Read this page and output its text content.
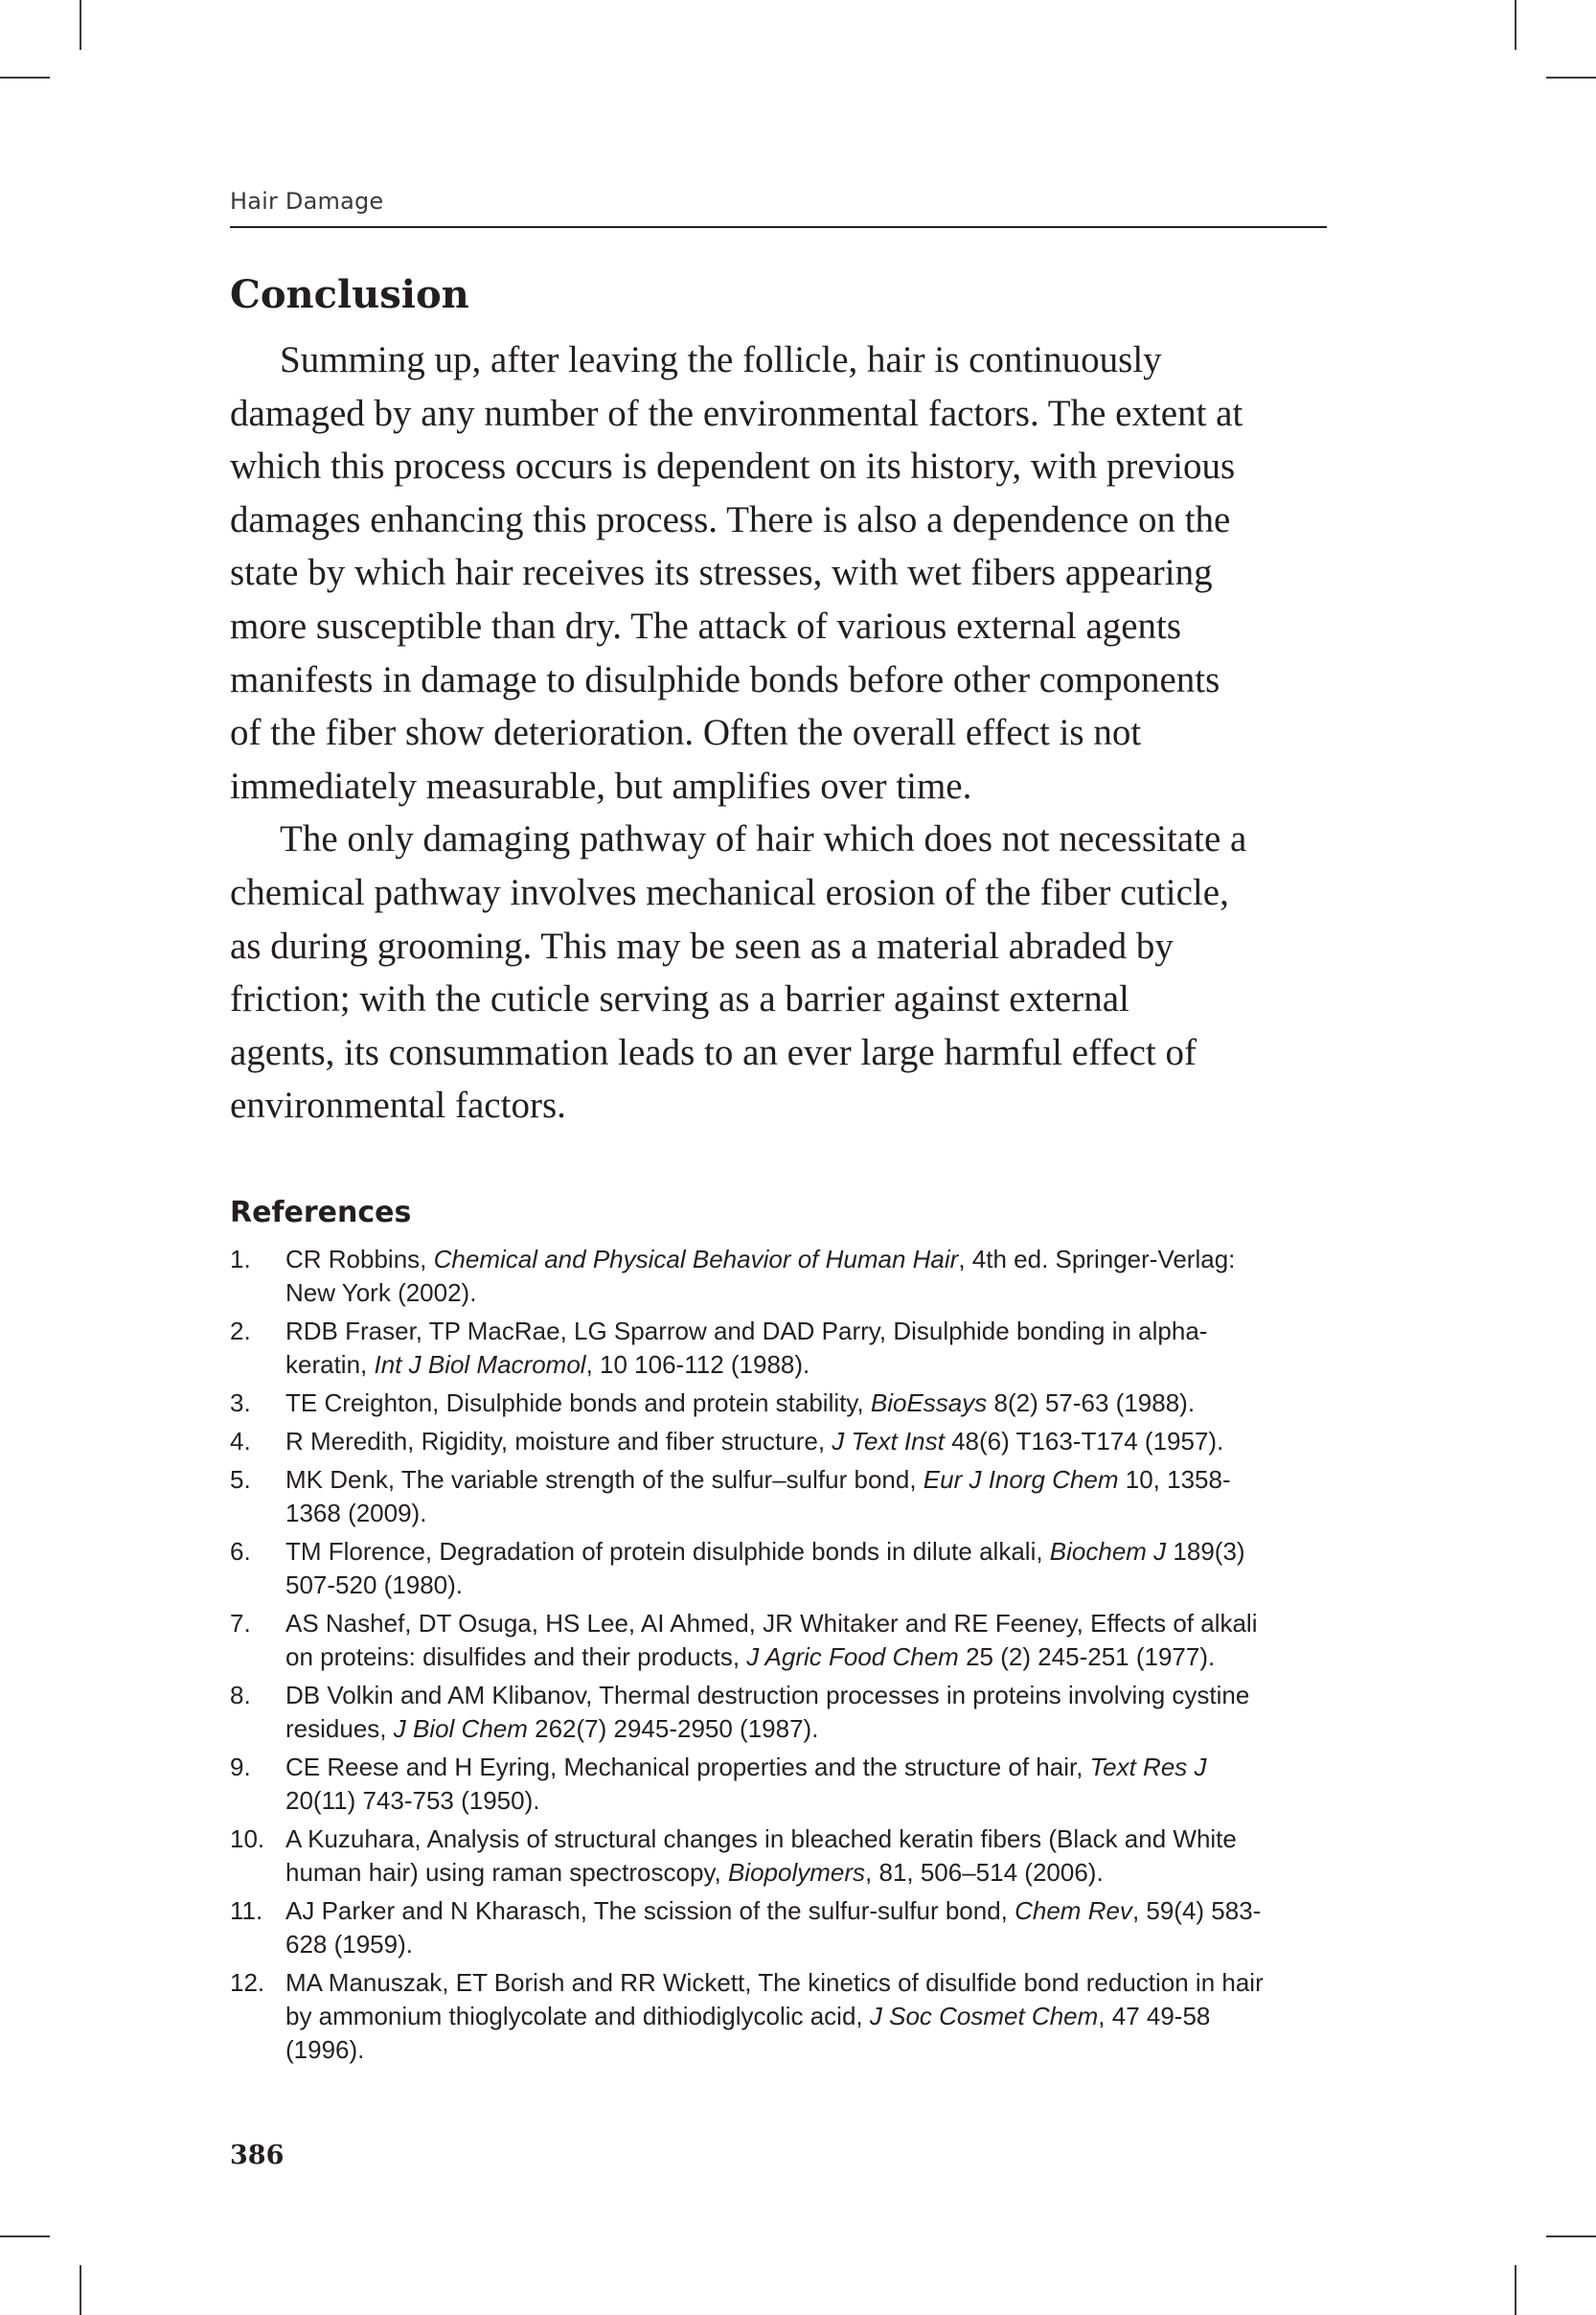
Hair Damage
Conclusion
Summing up, after leaving the follicle, hair is continuously
damaged by any number of the environmental factors. The extent at
which this process occurs is dependent on its history, with previous
damages enhancing this process. There is also a dependence on the
state by which hair receives its stresses, with wet fibers appearing
more susceptible than dry. The attack of various external agents
manifests in damage to disulphide bonds before other components
of the fiber show deterioration. Often the overall effect is not
immediately measurable, but amplifies over time.
The only damaging pathway of hair which does not necessitate a
chemical pathway involves mechanical erosion of the fiber cuticle,
as during grooming. This may be seen as a material abraded by
friction; with the cuticle serving as a barrier against external
agents, its consummation leads to an ever large harmful effect of
environmental factors.
References
1. CR Robbins, Chemical and Physical Behavior of Human Hair, 4th ed. Springer-Verlag:
New York (2002).
2. RDB Fraser, TP MacRae, LG Sparrow and DAD Parry, Disulphide bonding in alpha-
keratin, Int J Biol Macromol, 10 106-112 (1988).
3. TE Creighton, Disulphide bonds and protein stability, BioEssays 8(2) 57-63 (1988).
4. R Meredith, Rigidity, moisture and fiber structure, J Text Inst 48(6) T163-T174 (1957).
5. MK Denk, The variable strength of the sulfur–sulfur bond, Eur J Inorg Chem 10, 1358-
1368 (2009).
6. TM Florence, Degradation of protein disulphide bonds in dilute alkali, Biochem J 189(3)
507-520 (1980).
7. AS Nashef, DT Osuga, HS Lee, AI Ahmed, JR Whitaker and RE Feeney, Effects of alkali
on proteins: disulfides and their products, J Agric Food Chem 25 (2) 245-251 (1977).
8. DB Volkin and AM Klibanov, Thermal destruction processes in proteins involving cystine
residues, J Biol Chem 262(7) 2945-2950 (1987).
9. CE Reese and H Eyring, Mechanical properties and the structure of hair, Text Res J
20(11) 743-753 (1950).
10. A Kuzuhara, Analysis of structural changes in bleached keratin fibers (Black and White
human hair) using raman spectroscopy, Biopolymers, 81, 506–514 (2006).
11. AJ Parker and N Kharasch, The scission of the sulfur-sulfur bond, Chem Rev, 59(4) 583-
628 (1959).
12. MA Manuszak, ET Borish and RR Wickett, The kinetics of disulfide bond reduction in hair
by ammonium thioglycolate and dithiodiglycolic acid, J Soc Cosmet Chem, 47 49-58
(1996).
386
